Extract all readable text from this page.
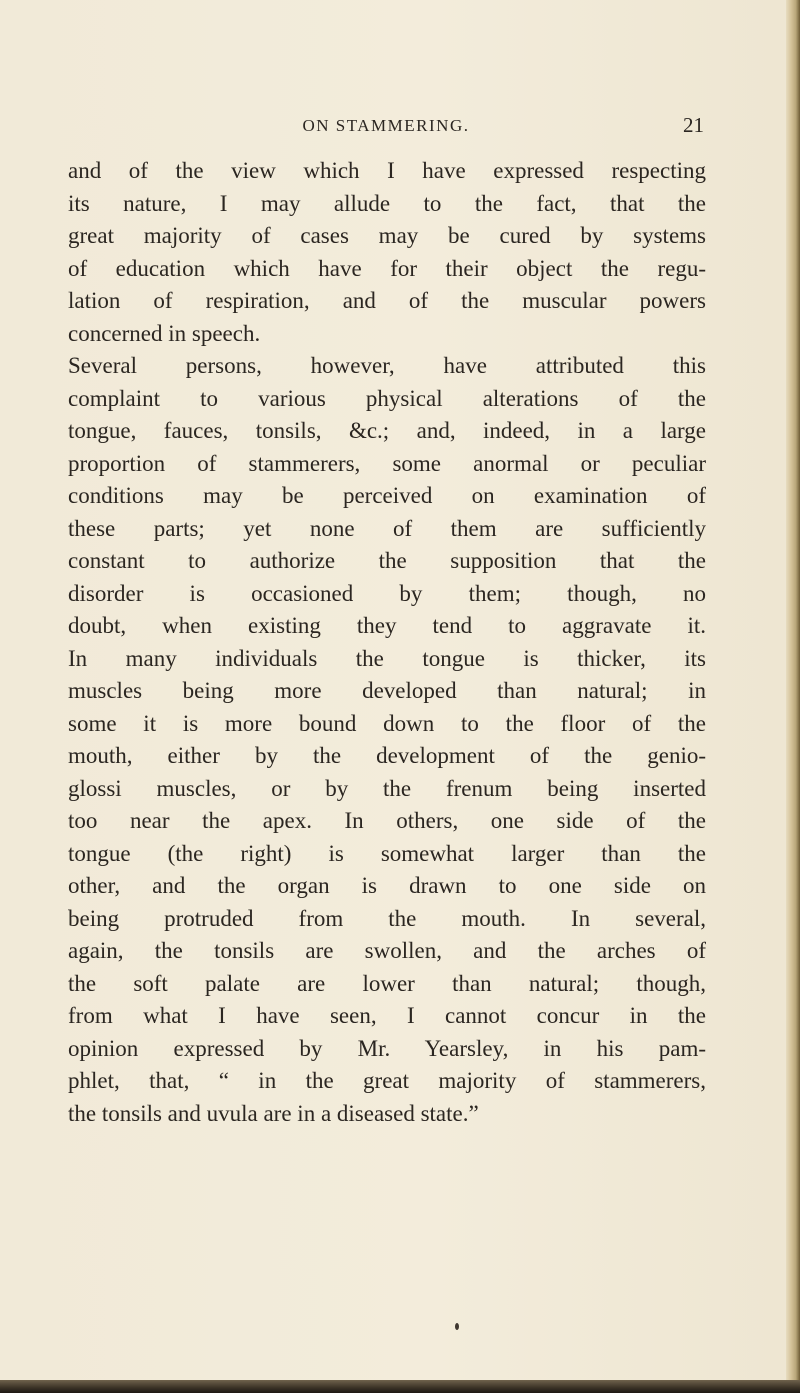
ON STAMMERING.	21
and of the view which I have expressed respecting
its nature, I may allude to the fact, that the
great majority of cases may be cured by systems
of education which have for their object the regu-
lation of respiration, and of the muscular powers
concerned in speech.
Several persons, however, have attributed this
complaint to various physical alterations of the
tongue, fauces, tonsils, &c.; and, indeed, in a large
proportion of stammerers, some anormal or peculiar
conditions may be perceived on examination of
these parts; yet none of them are sufficiently
constant to authorize the supposition that the
disorder is occasioned by them; though, no
doubt, when existing they tend to aggravate it.
In many individuals the tongue is thicker, its
muscles being more developed than natural; in
some it is more bound down to the floor of the
mouth, either by the development of the genio-
glossi muscles, or by the frenum being inserted
too near the apex. In others, one side of the
tongue (the right) is somewhat larger than the
other, and the organ is drawn to one side on
being protruded from the mouth. In several,
again, the tonsils are swollen, and the arches of
the soft palate are lower than natural; though,
from what I have seen, I cannot concur in the
opinion expressed by Mr. Yearsley, in his pam-
phlet, that, “ in the great majority of stammerers,
the tonsils and uvula are in a diseased state.”
